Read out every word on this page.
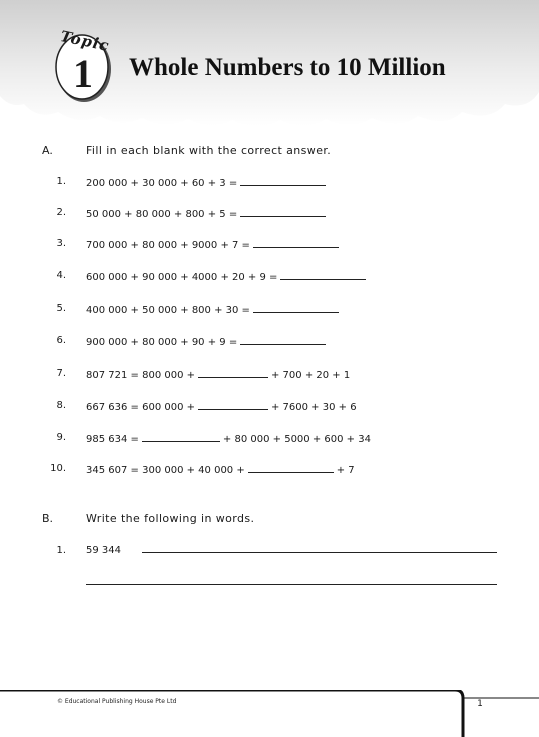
Topic
1	Whole Numbers to 10 Million
A.	Fill in each blank with the correct answer.
1. 200 000 + 30 000 + 60 + 3 =
2. 50 000 + 80 000 + 800 + 5 =
3. 700 000 + 80 000 + 9000 + 7 =
4. 600 000 + 90 000 + 4000 + 20 + 9 =
5. 400 000 + 50 000 + 800 + 30 =
6. 900 000 + 80 000 + 90 + 9 =
7. 807 721 = 800 000 +	+ 700 + 20 + 1
8. 667 636 = 600 000 +	+ 7600 + 30 + 6
9. 985 634 =	+ 80 000 + 5000 + 600 + 34
10. 345 607 = 300 000 + 40 000 +	+ 7
B.	Write the following in words.
1. 59 344
© Educational Publishing House Pte Ltd	1
